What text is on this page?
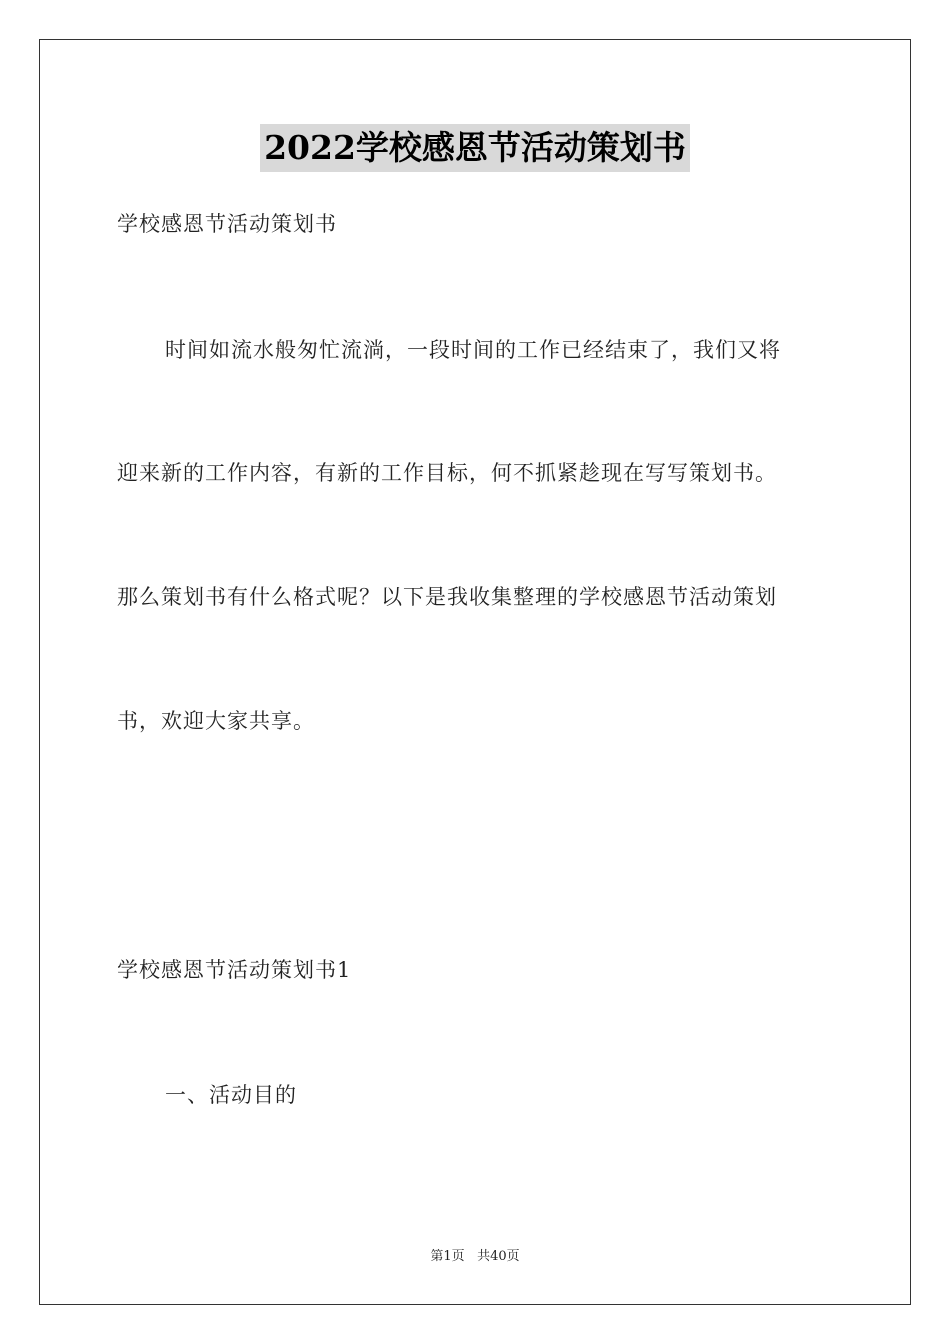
2022学校感恩节活动策划书
学校感恩节活动策划书
时间如流水般匆忙流淌，一段时间的工作已经结束了，我们又将
迎来新的工作内容，有新的工作目标，何不抓紧趁现在写写策划书。
那么策划书有什么格式呢？以下是我收集整理的学校感恩节活动策划
书，欢迎大家共享。
学校感恩节活动策划书1
一、活动目的
第1页 共40页
